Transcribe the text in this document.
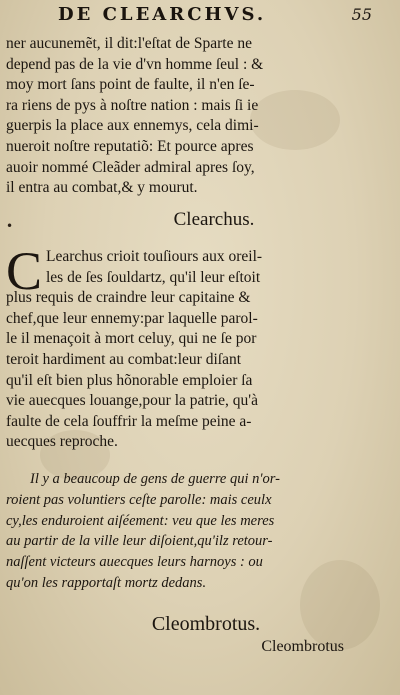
DE CLEARCHVS.	55
ner aucunemẽt, il dit:l'eſtat de Sparte ne
depend pas de la vie d'vn homme ſeul : &
moy mort ſans point de faulte, il n'en ſe-
ra riens de pys à noſtre nation : mais ſi ie
guerpis la place aux ennemys, cela dimi-
nueroit noſtre reputatiõ: Et pource apres
auoir nommé Cleãder admiral apres ſoy,
il entra au combat,& y mourut.
•	Clearchus.
C Learchus crioit touſiours aux oreil-
les de ſes ſouldartz, qu'il leur eſtoit
plus requis de craindre leur capitaine &
chef,que leur ennemy:par laquelle parol-
le il menaçoit à mort celuy, qui ne ſe por
teroit hardiment au combat:leur diſant
qu'il eſt bien plus hõnorable emploier ſa
vie auecques louange,pour la patrie, qu'à
faulte de cela ſouffrir la meſme peine a-
uecques reproche.
Il y a beaucoup de gens de guerre qui n'or-
roient pas voluntiers ceſte parolle: mais ceulx
cy,les enduroient aiſéement: veu que les meres
au partir de la ville leur diſoient,qu'ilz retour-
naſſent victeurs auecques leurs harnoys : ou
qu'on les rapportaſt mortz dedans.
Cleombrotus.
Cleombrotus
